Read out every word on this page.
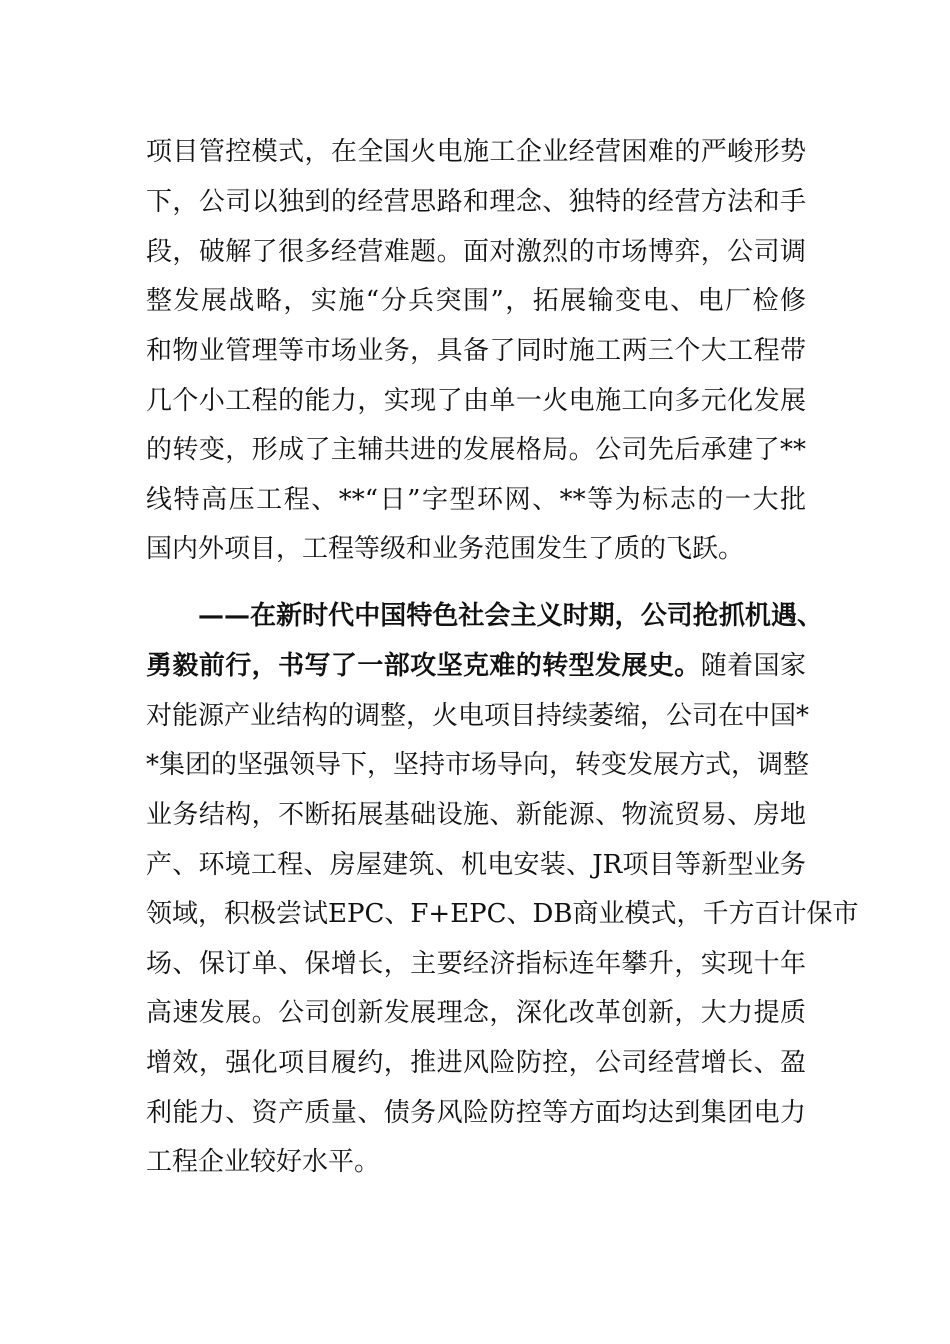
项目管控模式，在全国火电施工企业经营困难的严峻形势
下，公司以独到的经营思路和理念、独特的经营方法和手
段，破解了很多经营难题。面对激烈的市场博弈，公司调
整发展战略，实施“分兵突围”，拓展输变电、电厂检修
和物业管理等市场业务，具备了同时施工两三个大工程带
几个小工程的能力，实现了由单一火电施工向多元化发展
的转变，形成了主辅共进的发展格局。公司先后承建了**
线特高压工程、**“日”字型环网、**等为标志的一大批
国内外项目，工程等级和业务范围发生了质的飞跃。
——在新时代中国特色社会主义时期，公司抢抓机遇、
勇毅前行，书写了一部攻坚克难的转型发展史。随着国家
对能源产业结构的调整，火电项目持续萎缩，公司在中国*
*集团的坚强领导下，坚持市场导向，转变发展方式，调整
业务结构，不断拓展基础设施、新能源、物流贸易、房地
产、环境工程、房屋建筑、机电安装、JR项目等新型业务
领域，积极尝试EPC、F+EPC、DB商业模式，千方百计保市
场、保订单、保增长，主要经济指标连年攀升，实现十年
高速发展。公司创新发展理念，深化改革创新，大力提质
增效，强化项目履约，推进风险防控，公司经营增长、盈
利能力、资产质量、债务风险防控等方面均达到集团电力
工程企业较好水平。
